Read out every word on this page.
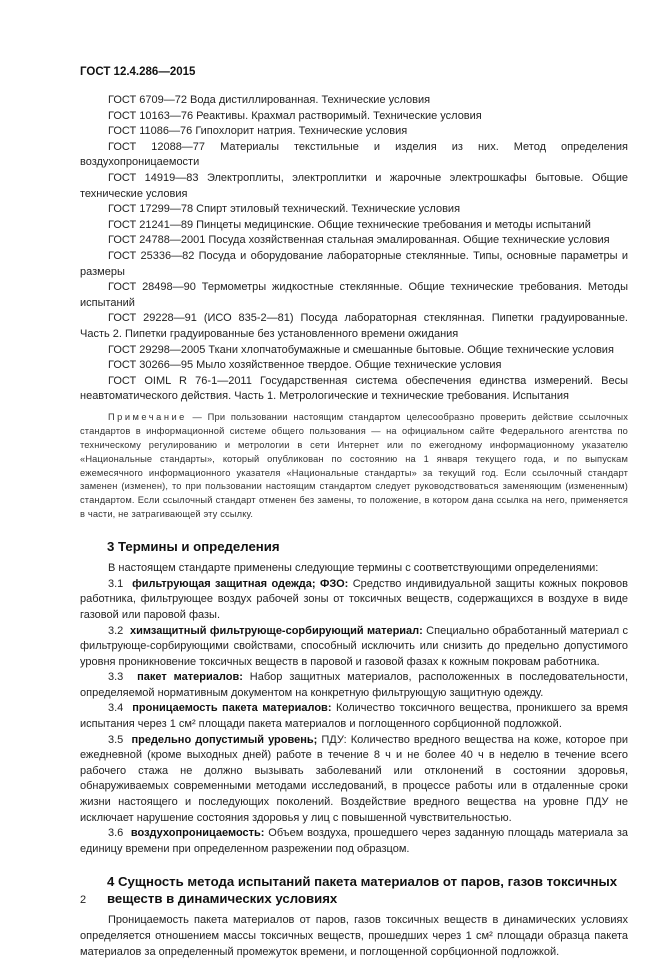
ГОСТ 12.4.286—2015

ГОСТ 6709—72 Вода дистиллированная. Технические условия

ГОСТ 10163—76 Реактивы. Крахмал растворимый. Технические условия

ГОСТ 11086—76 Гипохлорит натрия. Технические условия

ГОСТ 12088—77 Материалы текстильные и изделия из них. Метод определения воздухопроницаемости

ГОСТ 14919—83 Электроплиты, электроплитки и жарочные электрошкафы бытовые. Общие технические условия

ГОСТ 17299—78 Спирт этиловый технический. Технические условия

ГОСТ 21241—89 Пинцеты медицинские. Общие технические требования и методы испытаний

ГОСТ 24788—2001 Посуда хозяйственная стальная эмалированная. Общие технические условия

ГОСТ 25336—82 Посуда и оборудование лабораторные стеклянные. Типы, основные параметры и размеры

ГОСТ 28498—90 Термометры жидкостные стеклянные. Общие технические требования. Методы испытаний

ГОСТ 29228—91 (ИСО 835-2—81) Посуда лабораторная стеклянная. Пипетки градуированные. Часть 2. Пипетки градуированные без установленного времени ожидания

ГОСТ 29298—2005 Ткани хлопчатобумажные и смешанные бытовые. Общие технические условия

ГОСТ 30266—95 Мыло хозяйственное твердое. Общие технические условия

ГОСТ OIML R 76-1—2011 Государственная система обеспечения единства измерений. Весы неавтоматического действия. Часть 1. Метрологические и технические требования. Испытания

Примечание — При пользовании настоящим стандартом целесообразно проверить действие ссылочных стандартов в информационной системе общего пользования — на официальном сайте Федерального агентства по техническому регулированию и метрологии в сети Интернет или по ежегодному информационному указателю «Национальные стандарты», который опубликован по состоянию на 1 января текущего года, и по выпускам ежемесячного информационного указателя «Национальные стандарты» за текущий год. Если ссылочный стандарт заменен (изменен), то при пользовании настоящим стандартом следует руководствоваться заменяющим (измененным) стандартом. Если ссылочный стандарт отменен без замены, то положение, в котором дана ссылка на него, применяется в части, не затрагивающей эту ссылку.

3 Термины и определения

В настоящем стандарте применены следующие термины с соответствующими определениями:

3.1 фильтрующая защитная одежда; ФЗО: Средство индивидуальной защиты кожных покровов работника, фильтрующее воздух рабочей зоны от токсичных веществ, содержащихся в воздухе в виде газовой или паровой фазы.

3.2 химзащитный фильтрующе-сорбирующий материал: Специально обработанный материал с фильтрующе-сорбирующими свойствами, способный исключить или снизить до предельно допустимого уровня проникновение токсичных веществ в паровой и газовой фазах к кожным покровам работника.

3.3 пакет материалов: Набор защитных материалов, расположенных в последовательности, определяемой нормативным документом на конкретную фильтрующую защитную одежду.

3.4 проницаемость пакета материалов: Количество токсичного вещества, проникшего за время испытания через 1 см² площади пакета материалов и поглощенного сорбционной подложкой.

3.5 предельно допустимый уровень; ПДУ: Количество вредного вещества на коже, которое при ежедневной (кроме выходных дней) работе в течение 8 ч и не более 40 ч в неделю в течение всего рабочего стажа не должно вызывать заболеваний или отклонений в состоянии здоровья, обнаруживаемых современными методами исследований, в процессе работы или в отдаленные сроки жизни настоящего и последующих поколений. Воздействие вредного вещества на уровне ПДУ не исключает нарушение состояния здоровья у лиц с повышенной чувствительностью.

3.6 воздухопроницаемость: Объем воздуха, прошедшего через заданную площадь материала за единицу времени при определенном разрежении под образцом.

4 Сущность метода испытаний пакета материалов от паров, газов токсичных веществ в динамических условиях

Проницаемость пакета материалов от паров, газов токсичных веществ в динамических условиях определяется отношением массы токсичных веществ, прошедших через 1 см² площади образца пакета материалов за определенный промежуток времени, и поглощенной сорбционной подложкой.

2
